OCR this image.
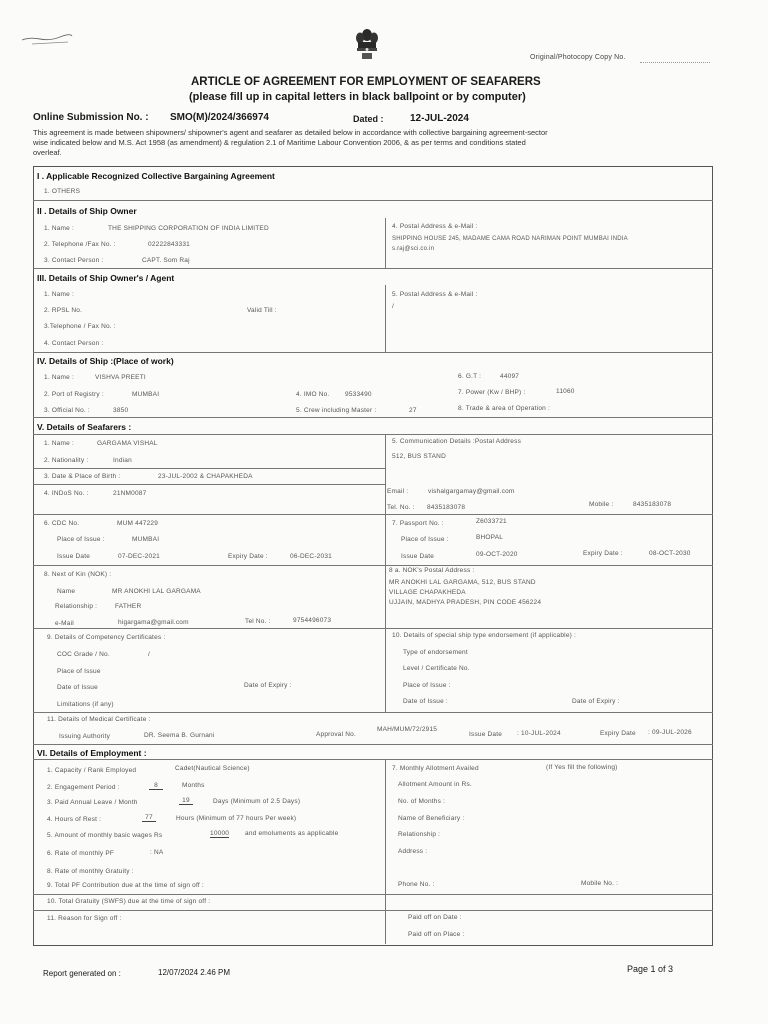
Original/Photocopy Copy No.
ARTICLE OF AGREEMENT FOR EMPLOYMENT OF SEAFARERS
(please fill up in capital letters in black ballpoint or by computer)
Online Submission No. : SMO(M)/2024/366974	Dated :	12-JUL-2024
This agreement is made between shipowners/ shipowner's agent and seafarer as detailed below in accordance with collective bargaining agreement-sector
wise indicated below and M.S. Act 1958 (as amendment) & regulation 2.1 of Maritime Labour Convention 2006, & as per terms and conditions stated
overleaf.
I . Applicable Recognized Collective Bargaining Agreement
1. OTHERS
II . Details of Ship Owner
1. Name :	THE SHIPPING CORPORATION OF INDIA LIMITED
2. Telephone /Fax No. :	02222843331
3. Contact Person :	CAPT. Som Raj
4. Postal Address & e-Mail :
SHIPPING HOUSE 245, MADAME CAMA ROAD NARIMAN POINT MUMBAI INDIA
s.raj@sci.co.in
III. Details of Ship Owner's / Agent
1. Name :
2. RPSL No.	Valid Till :
3.Telephone / Fax No. :
4. Contact Person :
5. Postal Address & e-Mail :
/
IV. Details of Ship :(Place of work)
1. Name :	VISHVA PREETI	6. G.T :	44097
2. Port of Registry :	MUMBAI	4. IMO No. 9533490	7. Power (Kw / BHP) :	11060
3. Official No. :	3850	5. Crew including Master :	27	8. Trade & area of Operation :
V. Details of Seafarers :
1. Name :	GARGAMA VISHAL	5. Communication Details :Postal Address
512, BUS STAND
2. Nationality :	Indian
3. Date & Place of Birth :	23-JUL-2002 & CHAPAKHEDA
4. INDoS No. :	21NM0087	Email :	vishalgargamay@gmail.com
Tel. No. : 8435183078	Mobile :	8435183078
6. CDC No.	MUM 447229
Place of Issue :	MUMBAI
Issue Date	07-DEC-2021	Expiry Date :	06-DEC-2031
7. Passport No. :	Z6033721
Place of Issue :	BHOPAL
Issue Date	09-OCT-2020	Expiry Date :	08-OCT-2030
8. Next of Kin (NOK) :
Name	MR ANOKHI LAL GARGAMA
Relationship :	FATHER
e-Mail	higargama@gmail.com	Tel No. :	9754496073
8 a. NOK's Postal Address :
MR ANOKHI LAL GARGAMA, 512, BUS STAND
VILLAGE CHAPAKHEDA
UJJAIN, MADHYA PRADESH, PIN CODE 456224
9. Details of Competency Certificates :
COC Grade / No.	/
Place of Issue
Date of Issue	Date of Expiry :
Limitations (if any)
10. Details of special ship type endorsement (if applicable) :
Type of endorsement
Level / Certificate No.
Place of Issue :
Date of Issue :	Date of Expiry :
11. Details of Medical Certificate :
Issuing Authority	DR. Seema B. Gurnani	Approval No.
MAH/MUM/72/2915
Issue Date : 10-JUL-2024	Expiry Date : 09-JUL-2026
VI. Details of Employment :
1. Capacity / Rank Employed	Cadet(Nautical Science)
2. Engagement Period :	8	Months
3. Paid Annual Leave / Month	19	Days (Minimum of 2.5 Days)
4. Hours of Rest :	77	Hours (Minimum of 77 hours Per week)
5. Amount of monthly basic wages Rs	10000 and emoluments as applicable
6. Rate of monthly PF	: NA
8. Rate of monthly Gratuity :
9. Total PF Contribution due at the time of sign off :
10. Total Gratuity (SWFS) due at the time of sign off :
11. Reason for Sign off :
7. Monthly Allotment Availed	(If Yes fill the following)
Allotment Amount in Rs.
No. of Months :
Name of Beneficiary :
Relationship :
Address :
Phone No. :	Mobile No. :
Paid off on Date :
Paid off on Place :
Report generated on :	12/07/2024 2.46 PM	Page 1 of 3
